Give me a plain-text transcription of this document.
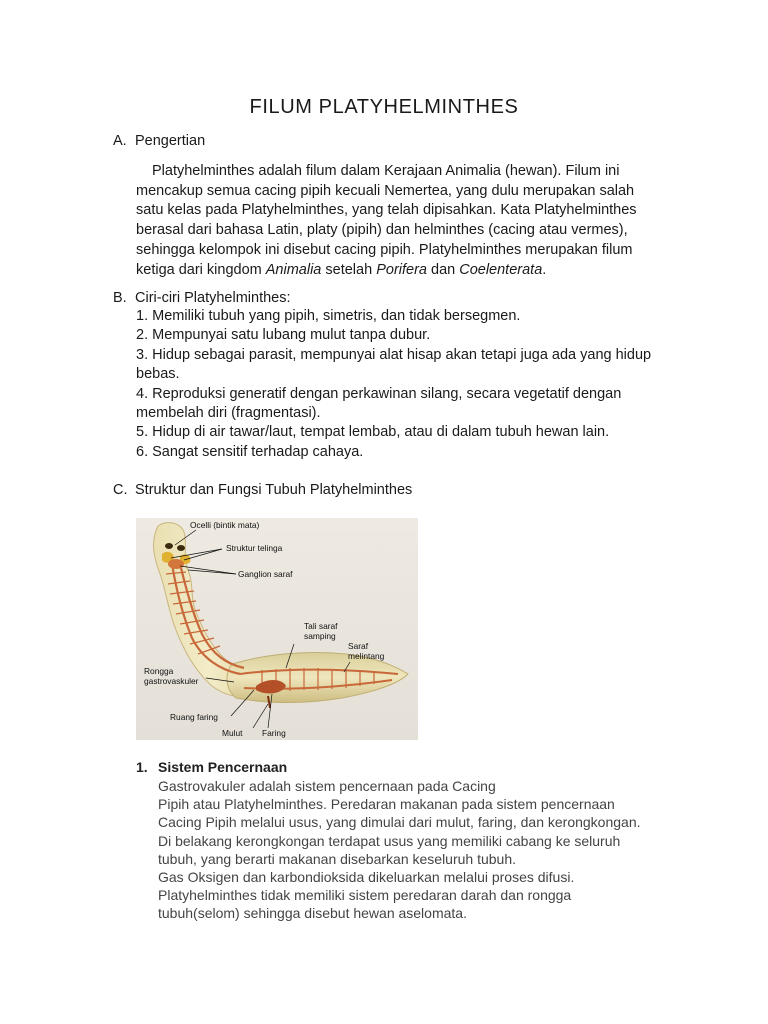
FILUM PLATYHELMINTHES
A. Pengertian
Platyhelminthes adalah filum dalam Kerajaan Animalia (hewan). Filum ini
mencakup semua cacing pipih kecuali Nemertea, yang dulu merupakan salah
satu kelas pada Platyhelminthes, yang telah dipisahkan. Kata Platyhelminthes
berasal dari bahasa Latin, platy (pipih) dan helminthes (cacing atau vermes),
sehingga kelompok ini disebut cacing pipih. Platyhelminthes merupakan filum
ketiga dari kingdom Animalia setelah Porifera dan Coelenterata.
B. Ciri-ciri Platyhelminthes:
1. Memiliki tubuh yang pipih, simetris, dan tidak bersegmen.
2. Mempunyai satu lubang mulut tanpa dubur.
3. Hidup sebagai parasit, mempunyai alat hisap akan tetapi juga ada yang hidup
bebas.
4. Reproduksi generatif dengan perkawinan silang, secara vegetatif dengan
membelah diri (fragmentasi).
5. Hidup di air tawar/laut, tempat lembab, atau di dalam tubuh hewan lain.
6. Sangat sensitif terhadap cahaya.
C. Struktur dan Fungsi Tubuh Platyhelminthes
Ocelli (bintik mata)
Struktur telinga
Ganglion saraf
Tali saraf
samping
Saraf
melintang
Rongga
gastrovaskuler
Ruang faring
Mulut Faring
1. Sistem Pencernaan
Gastrovakuler adalah sistem pencernaan pada Cacing
Pipih atau Platyhelminthes. Peredaran makanan pada sistem pencernaan
Cacing Pipih melalui usus, yang dimulai dari mulut, faring, dan kerongkongan.
Di belakang kerongkongan terdapat usus yang memiliki cabang ke seluruh
tubuh, yang berarti makanan disebarkan keseluruh tubuh.
Gas Oksigen dan karbondioksida dikeluarkan melalui proses difusi.
Platyhelminthes tidak memiliki sistem peredaran darah dan rongga
tubuh(selom) sehingga disebut hewan aselomata.
